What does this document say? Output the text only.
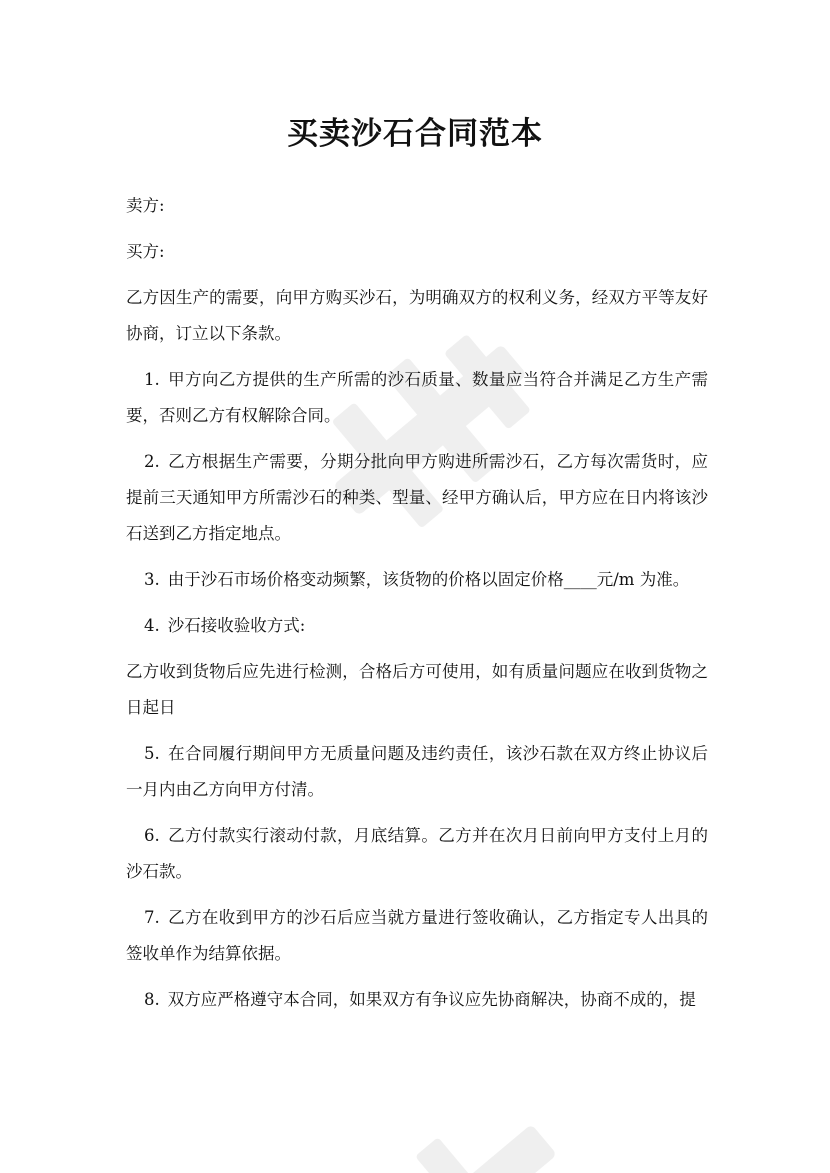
买卖沙石合同范本

卖方:

买方:

乙方因生产的需要，向甲方购买沙石，为明确双方的权利义务，经双方平等友好协商，订立以下条款。

1. 甲方向乙方提供的生产所需的沙石质量、数量应当符合并满足乙方生产需要，否则乙方有权解除合同。

2. 乙方根据生产需要，分期分批向甲方购进所需沙石，乙方每次需货时，应提前三天通知甲方所需沙石的种类、型量、经甲方确认后，甲方应在日内将该沙石送到乙方指定地点。

3. 由于沙石市场价格变动频繁，该货物的价格以固定价格____元/m 为准。

4. 沙石接收验收方式:

乙方收到货物后应先进行检测，合格后方可使用，如有质量问题应在收到货物之日起日

5. 在合同履行期间甲方无质量问题及违约责任，该沙石款在双方终止协议后一月内由乙方向甲方付清。

6. 乙方付款实行滚动付款，月底结算。乙方并在次月日前向甲方支付上月的沙石款。

7. 乙方在收到甲方的沙石后应当就方量进行签收确认，乙方指定专人出具的签收单作为结算依据。

8. 双方应严格遵守本合同，如果双方有争议应先协商解决，协商不成的，提
